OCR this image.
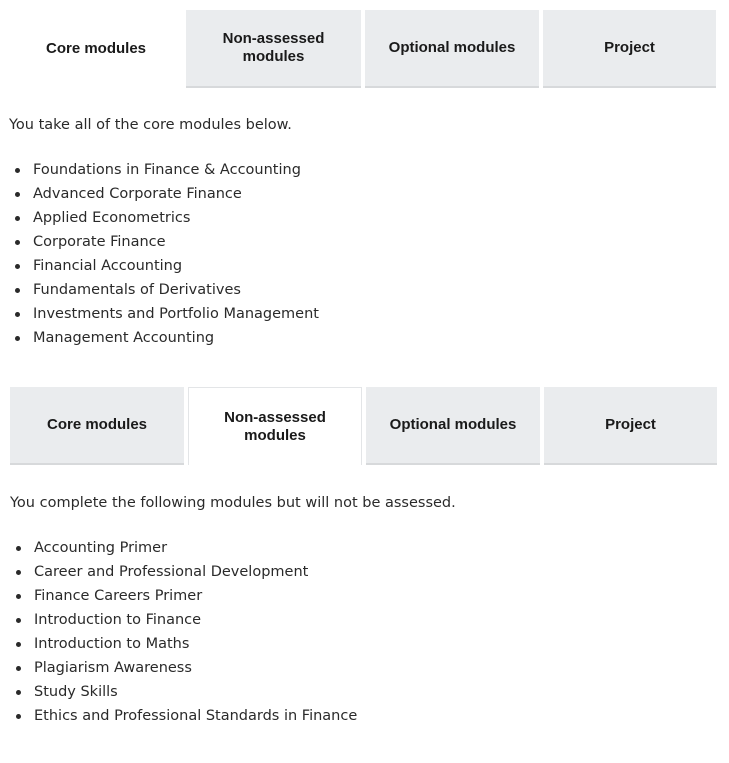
Core modules
Non-assessed modules
Optional modules	Project
You take all of the core modules below.
Foundations in Finance & Accounting
Advanced Corporate Finance
Applied Econometrics
Corporate Finance
Financial Accounting
Fundamentals of Derivatives
Investments and Portfolio Management
Management Accounting
Core modules	Non-assessed modules
Optional modules	Project
You complete the following modules but will not be assessed.
Accounting Primer
Career and Professional Development
Finance Careers Primer
Introduction to Finance
Introduction to Maths
Plagiarism Awareness
Study Skills
Ethics and Professional Standards in Finance
